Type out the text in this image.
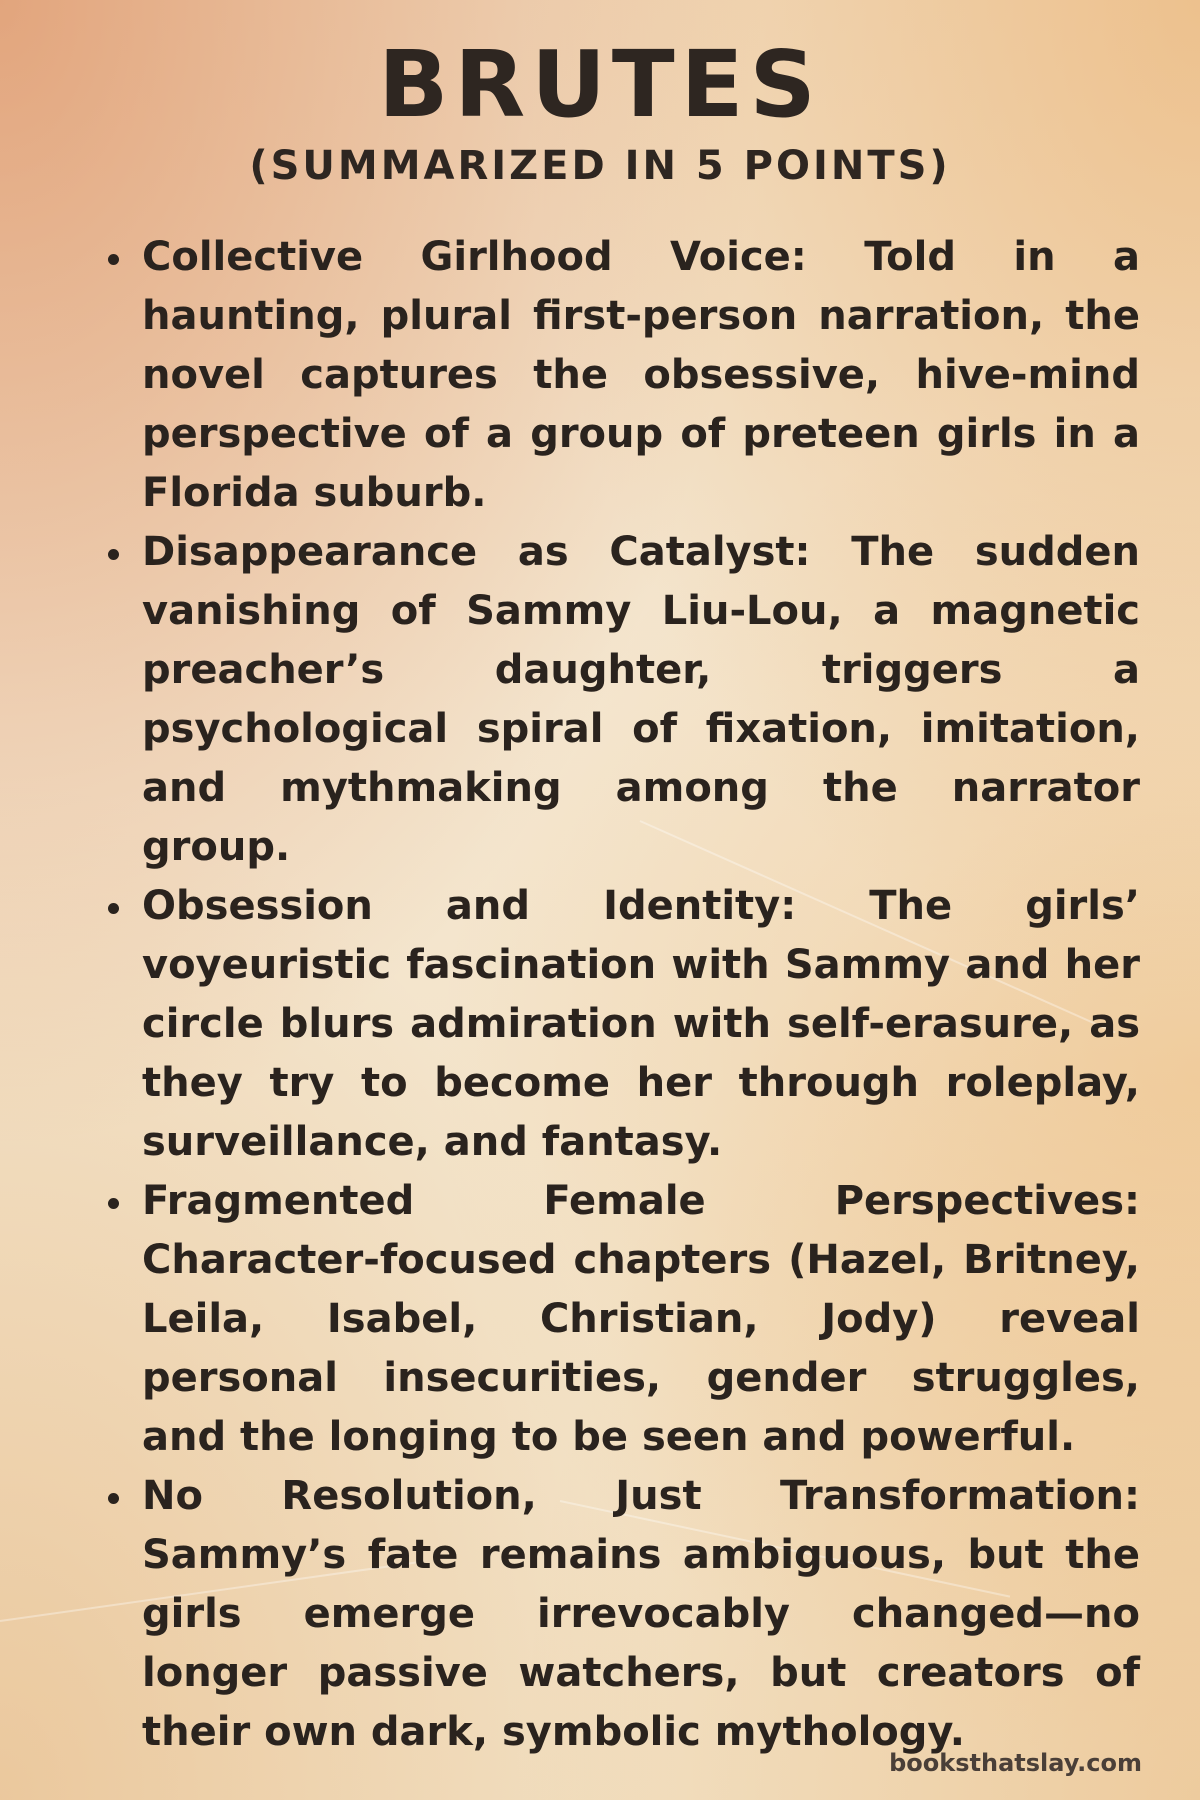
BRUTES
(SUMMARIZED IN 5 POINTS)
Collective Girlhood Voice: Told in a haunting, plural first-person narration, the novel captures the obsessive, hive-mind perspective of a group of preteen girls in a Florida suburb.
Disappearance as Catalyst: The sudden vanishing of Sammy Liu-Lou, a magnetic preacher’s daughter, triggers a psychological spiral of fixation, imitation, and mythmaking among the narrator group.
Obsession and Identity: The girls’ voyeuristic fascination with Sammy and her circle blurs admiration with self-erasure, as they try to become her through roleplay, surveillance, and fantasy.
Fragmented Female Perspectives: Character-focused chapters (Hazel, Britney, Leila, Isabel, Christian, Jody) reveal personal insecurities, gender struggles, and the longing to be seen and powerful.
No Resolution, Just Transformation: Sammy’s fate remains ambiguous, but the girls emerge irrevocably changed—no longer passive watchers, but creators of their own dark, symbolic mythology.
booksthatslay.com
